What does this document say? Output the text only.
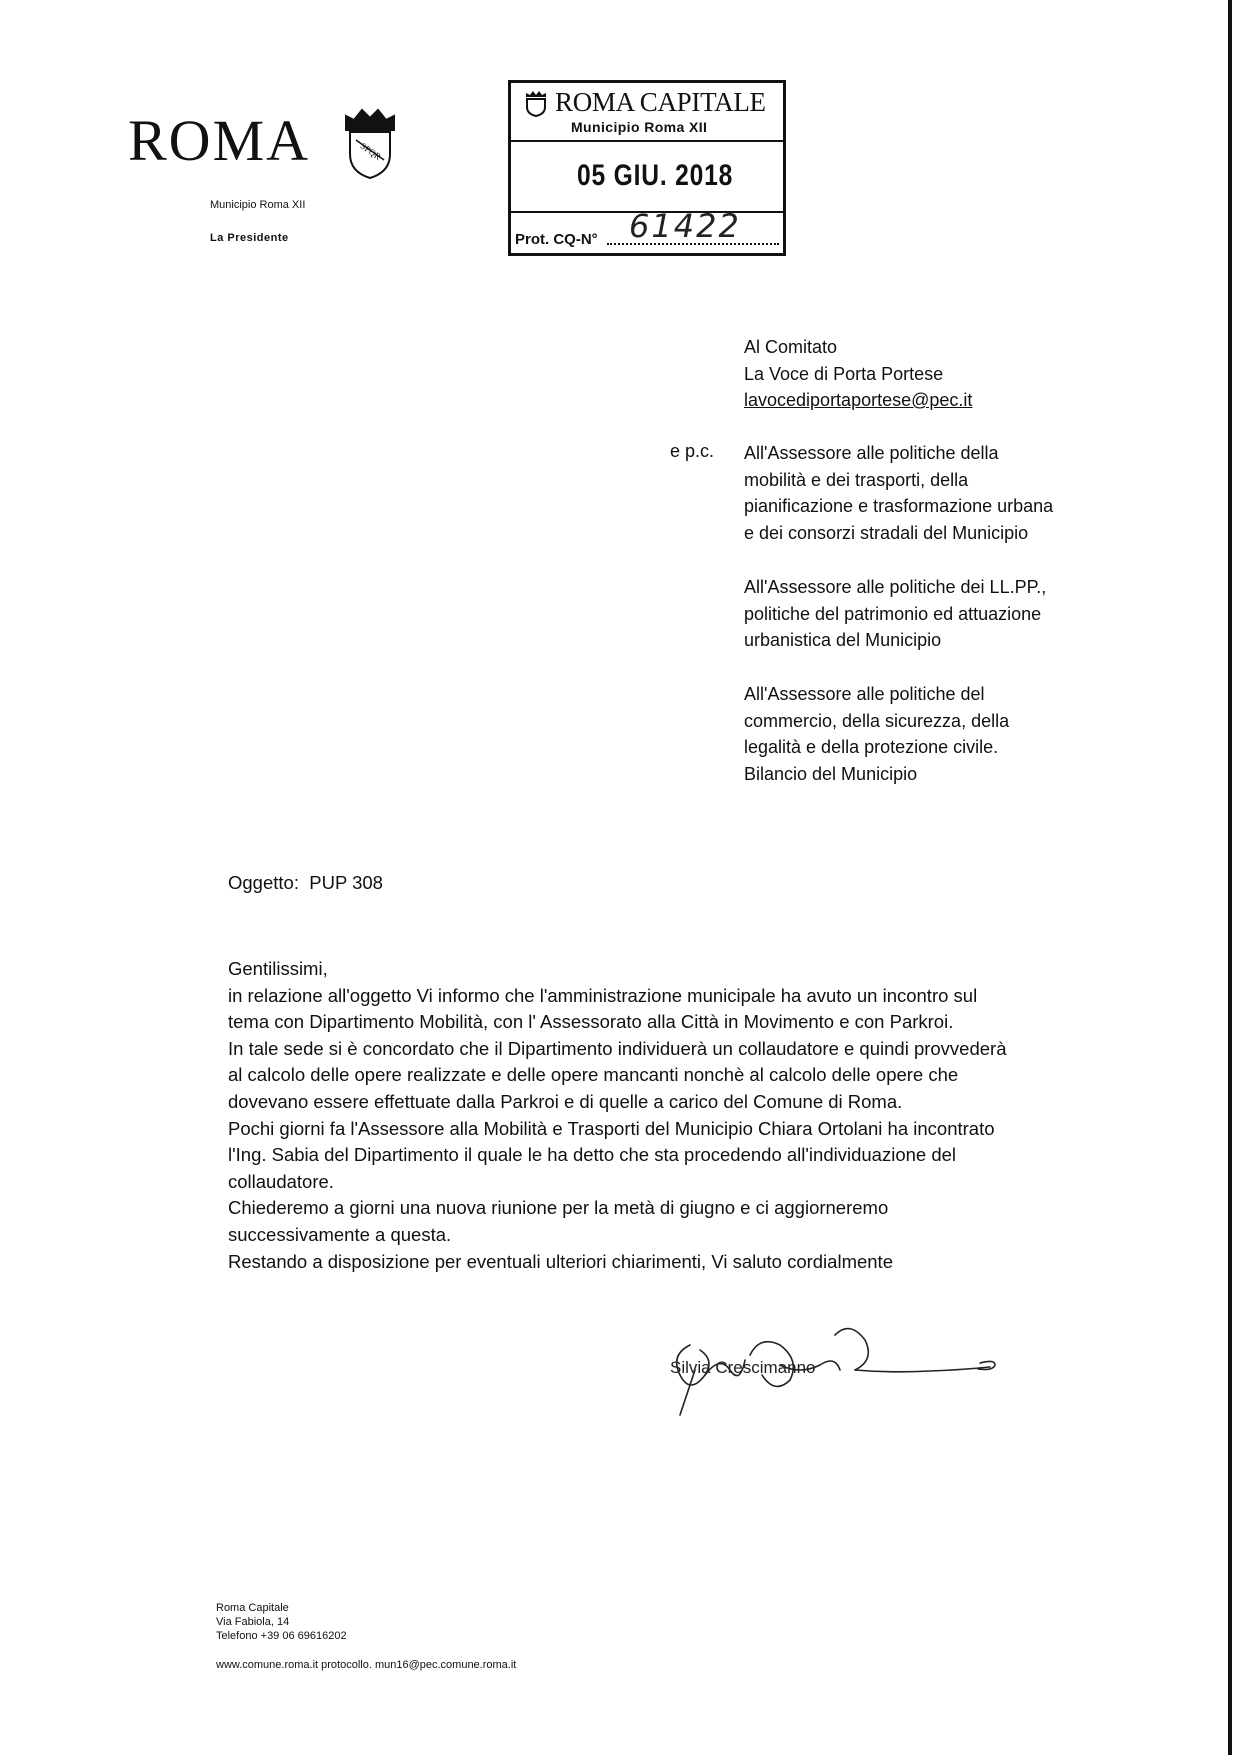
ROMA	SPQR
Municipio Roma XII
La Presidente
ROMA CAPITALE
Municipio Roma XII
05 GIU. 2018
Prot. CQ-N° 61422
Al Comitato
La Voce di Porta Portese
lavocediportaportese@pec.it
e p.c. All'Assessore alle politiche della
mobilità e dei trasporti, della
pianificazione e trasformazione urbana
e dei consorzi stradali del Municipio
All'Assessore alle politiche dei LL.PP.,
politiche del patrimonio ed attuazione
urbanistica del Municipio
All'Assessore alle politiche del
commercio, della sicurezza, della
legalità e della protezione civile.
Bilancio del Municipio
Oggetto: PUP 308
Gentilissimi,
in relazione all'oggetto Vi informo che l'amministrazione municipale ha avuto un incontro sul
tema con Dipartimento Mobilità, con l' Assessorato alla Città in Movimento e con Parkroi.
In tale sede si è concordato che il Dipartimento individuerà un collaudatore e quindi provvederà
al calcolo delle opere realizzate e delle opere mancanti nonchè al calcolo delle opere che
dovevano essere effettuate dalla Parkroi e di quelle a carico del Comune di Roma.
Pochi giorni fa l'Assessore alla Mobilità e Trasporti del Municipio Chiara Ortolani ha incontrato
l'Ing. Sabia del Dipartimento il quale le ha detto che sta procedendo all'individuazione del
collaudatore.
Chiederemo a giorni una nuova riunione per la metà di giugno e ci aggiorneremo
successivamente a questa.
Restando a disposizione per eventuali ulteriori chiarimenti, Vi saluto cordialmente
Silvia Crescimanno
Roma Capitale
Via Fabiola, 14
Telefono +39 06 69616202
www.comune.roma.it protocollo. mun16@pec.comune.roma.it
